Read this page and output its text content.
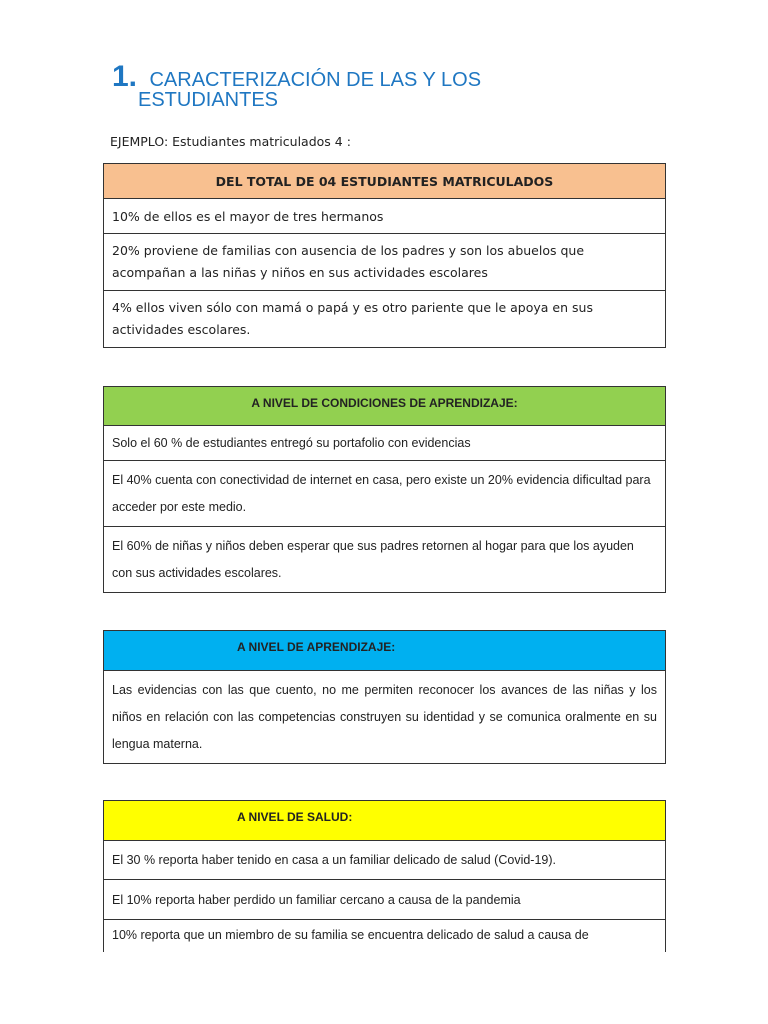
1. CARACTERIZACIÓN DE LAS Y LOS
ESTUDIANTES
EJEMPLO: Estudiantes matriculados 4 :
DEL TOTAL DE 04 ESTUDIANTES MATRICULADOS
10% de ellos es el mayor de tres hermanos
20% proviene de familias con ausencia de los padres y son los abuelos que acompañan a las niñas y niños en sus actividades escolares
4% ellos viven sólo con mamá o papá y es otro pariente que le apoya en sus actividades escolares.
A NIVEL DE CONDICIONES DE APRENDIZAJE:
Solo el 60 % de estudiantes entregó su portafolio con evidencias
El 40% cuenta con conectividad de internet en casa, pero existe un 20% evidencia dificultad para acceder por este medio.
El 60% de niñas y niños deben esperar que sus padres retornen al hogar para que los ayuden con sus actividades escolares.
A NIVEL DE APRENDIZAJE:
Las evidencias con las que cuento, no me permiten reconocer los avances de las niñas y los niños en relación con las competencias construyen su identidad y se comunica oralmente en su lengua materna.
A NIVEL DE SALUD:
El 30 % reporta haber tenido en casa a un familiar delicado de salud (Covid-19).
El 10% reporta haber perdido un familiar cercano a causa de la pandemia
10% reporta que un miembro de su familia se encuentra delicado de salud a causa de
